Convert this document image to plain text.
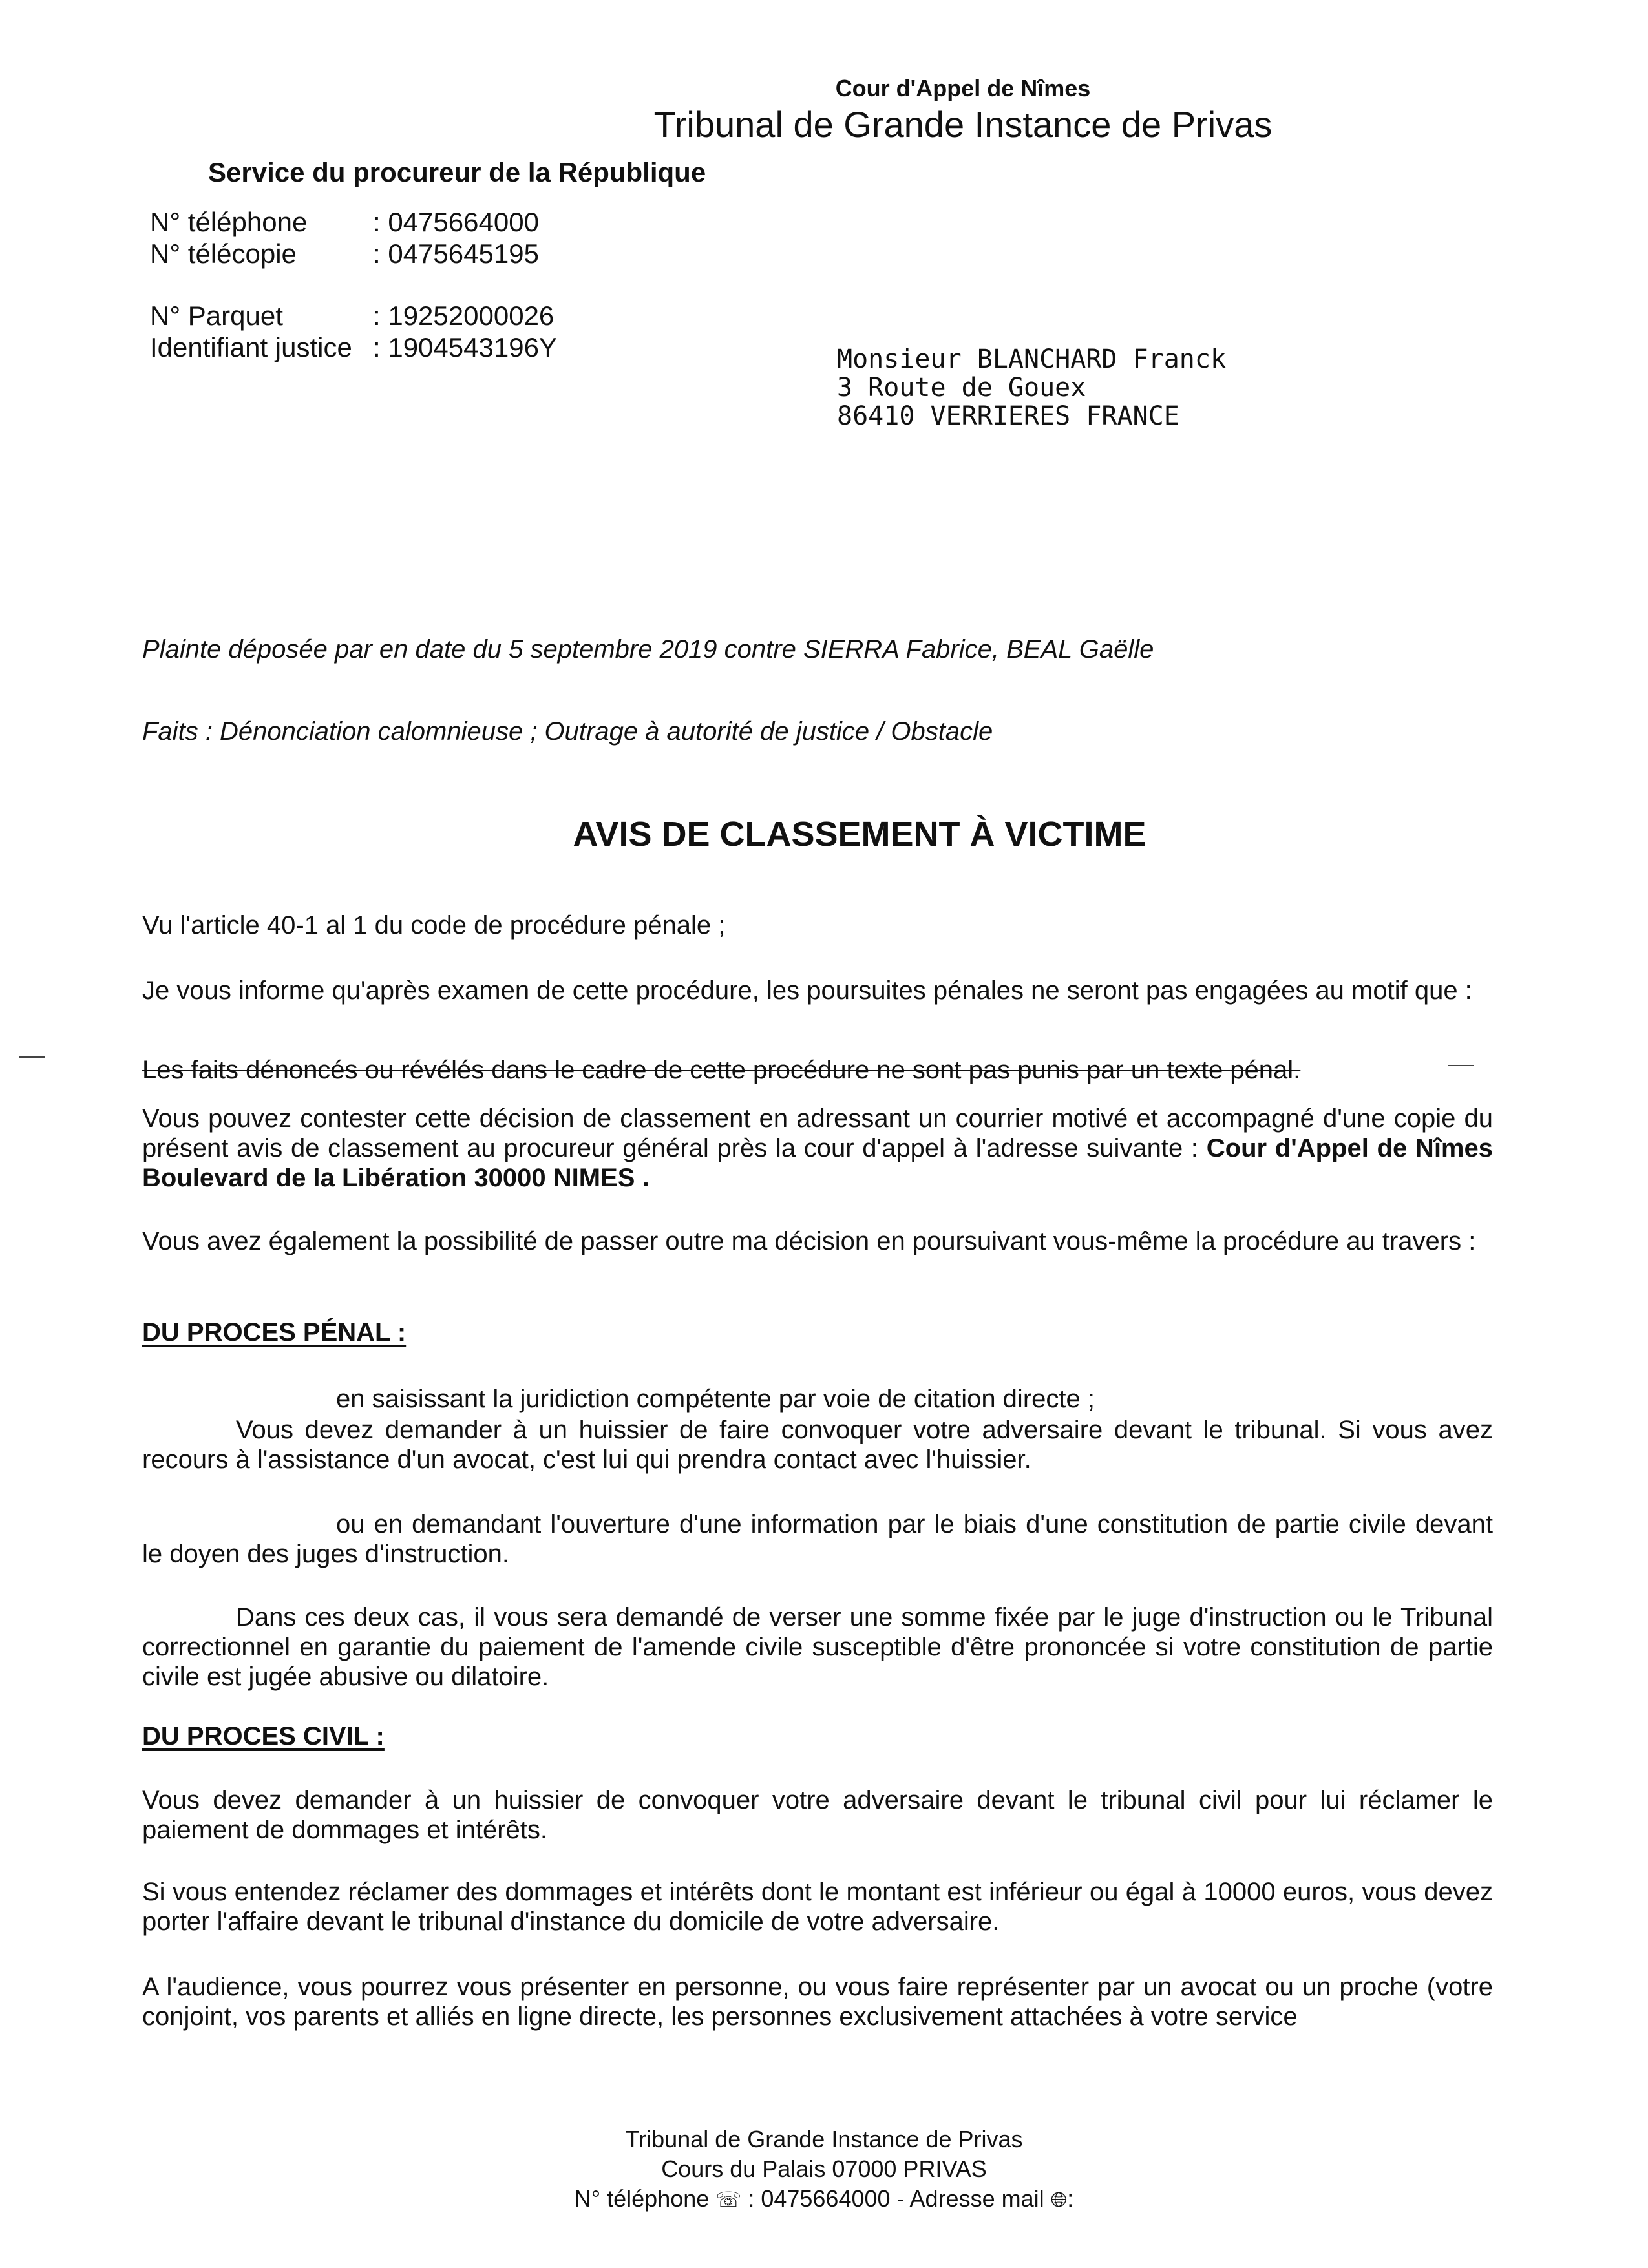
Cour d'Appel de Nîmes
Tribunal de Grande Instance de Privas
Service du procureur de la République
N° téléphone : 0475664000
N° télécopie	: 0475645195
N° Parquet	: 19252000026
Identifiant justice : 1904543196Y	Monsieur BLANCHARD Franck
3 Route de Gouex
86410 VERRIERES FRANCE
Plainte déposée par en date du 5 septembre 2019 contre SIERRA Fabrice, BEAL Gaëlle
Faits : Dénonciation calomnieuse ; Outrage à autorité de justice / Obstacle
AVIS DE CLASSEMENT À VICTIME
Vu l'article 40-1 al 1 du code de procédure pénale ;
Je vous informe qu'après examen de cette procédure, les poursuites pénales ne seront pas engagées au motif que :
Les faits dénoncés ou révélés dans le cadre de cette procédure ne sont pas punis par un texte pénal.
Vous pouvez contester cette décision de classement en adressant un courrier motivé et accompagné d'une copie du présent avis de classement au procureur général près la cour d'appel à l'adresse suivante : Cour d'Appel de Nîmes Boulevard de la Libération 30000 NIMES .
Vous avez également la possibilité de passer outre ma décision en poursuivant vous-même la procédure au travers :
DU PROCES PÉNAL :
en saisissant la juridiction compétente par voie de citation directe ;
Vous devez demander à un huissier de faire convoquer votre adversaire devant le tribunal. Si vous avez recours à l'assistance d'un avocat, c'est lui qui prendra contact avec l'huissier.
ou en demandant l'ouverture d'une information par le biais d'une constitution de partie civile devant le doyen des juges d'instruction.
Dans ces deux cas, il vous sera demandé de verser une somme fixée par le juge d'instruction ou le Tribunal correctionnel en garantie du paiement de l'amende civile susceptible d'être prononcée si votre constitution de partie civile est jugée abusive ou dilatoire.
DU PROCES CIVIL :
Vous devez demander à un huissier de convoquer votre adversaire devant le tribunal civil pour lui réclamer le paiement de dommages et intérêts.
Si vous entendez réclamer des dommages et intérêts dont le montant est inférieur ou égal à 10000 euros, vous devez porter l'affaire devant le tribunal d'instance du domicile de votre adversaire.
A l'audience, vous pourrez vous présenter en personne, ou vous faire représenter par un avocat ou un proche (votre conjoint, vos parents et alliés en ligne directe, les personnes exclusivement attachées à votre service
Tribunal de Grande Instance de Privas
Cours du Palais 07000 PRIVAS
N° téléphone ☏ : 0475664000 - Adresse mail 🌐︎:
